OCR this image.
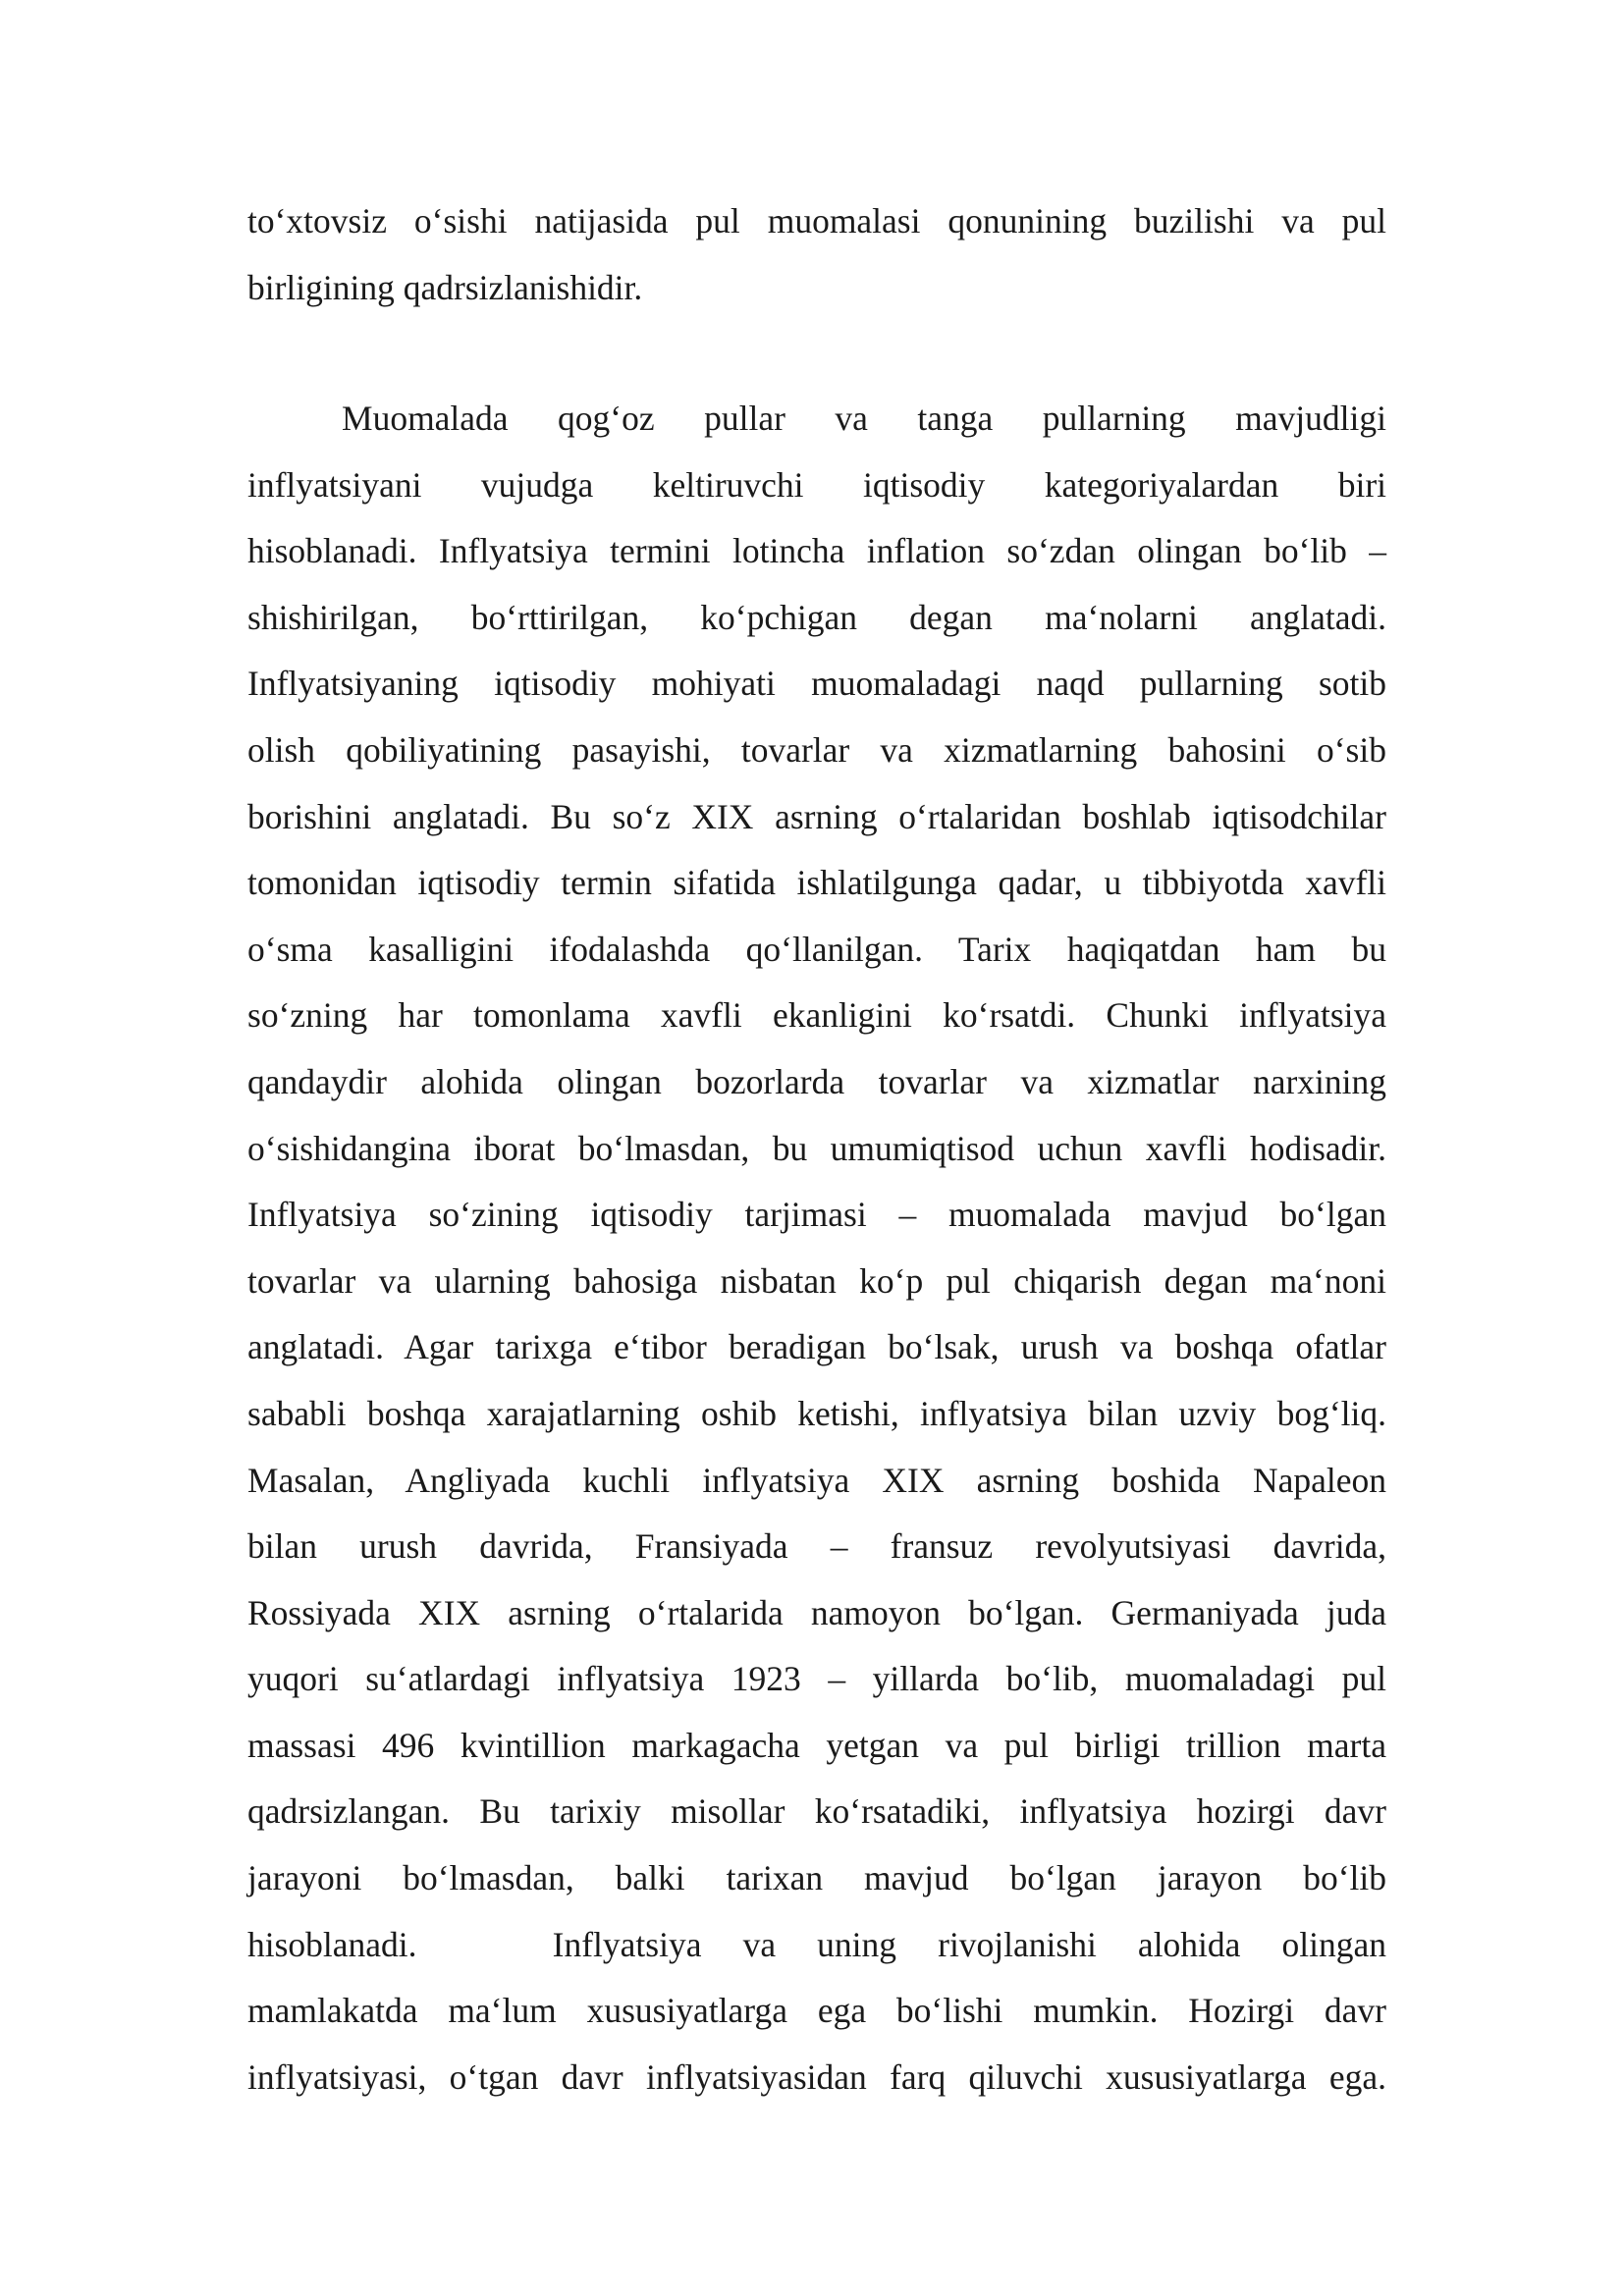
to‘xtovsiz o‘sishi natijasida pul muomalasi qonunining buzilishi va pul
birligining qadrsizlanishidir.
Muomalada qog‘oz pullar va tanga pullarning mavjudligi
inflyatsiyani vujudga keltiruvchi iqtisodiy kategoriyalardan biri
hisoblanadi. Inflyatsiya termini lotincha inflation so‘zdan olingan bo‘lib –
shishirilgan, bo‘rttirilgan, ko‘pchigan degan ma‘nolarni anglatadi.
Inflyatsiyaning iqtisodiy mohiyati muomaladagi naqd pullarning sotib
olish qobiliyatining pasayishi, tovarlar va xizmatlarning bahosini o‘sib
borishini anglatadi. Bu so‘z XIX asrning o‘rtalaridan boshlab iqtisodchilar
tomonidan iqtisodiy termin sifatida ishlatilgunga qadar, u tibbiyotda xavfli
o‘sma kasalligini ifodalashda qo‘llanilgan. Tarix haqiqatdan ham bu
so‘zning har tomonlama xavfli ekanligini ko‘rsatdi. Chunki inflyatsiya
qandaydir alohida olingan bozorlarda tovarlar va xizmatlar narxining
o‘sishidangina iborat bo‘lmasdan, bu umumiqtisod uchun xavfli hodisadir.
Inflyatsiya so‘zining iqtisodiy tarjimasi – muomalada mavjud bo‘lgan
tovarlar va ularning bahosiga nisbatan ko‘p pul chiqarish degan ma‘noni
anglatadi. Agar tarixga e‘tibor beradigan bo‘lsak, urush va boshqa ofatlar
sababli boshqa xarajatlarning oshib ketishi, inflyatsiya bilan uzviy bog‘liq.
Masalan, Angliyada kuchli inflyatsiya XIX asrning boshida Napaleon
bilan urush davrida, Fransiyada – fransuz revolyutsiyasi davrida,
Rossiyada XIX asrning o‘rtalarida namoyon bo‘lgan. Germaniyada juda
yuqori su‘atlardagi inflyatsiya 1923 – yillarda bo‘lib, muomaladagi pul
massasi 496 kvintillion markagacha yetgan va pul birligi trillion marta
qadrsizlangan. Bu tarixiy misollar ko‘rsatadiki, inflyatsiya hozirgi davr
jarayoni bo‘lmasdan, balki tarixan mavjud bo‘lgan jarayon bo‘lib
hisoblanadi.	Inflyatsiya va uning rivojlanishi alohida olingan
mamlakatda ma‘lum xususiyatlarga ega bo‘lishi mumkin. Hozirgi davr
inflyatsiyasi, o‘tgan davr inflyatsiyasidan farq qiluvchi xususiyatlarga ega.
